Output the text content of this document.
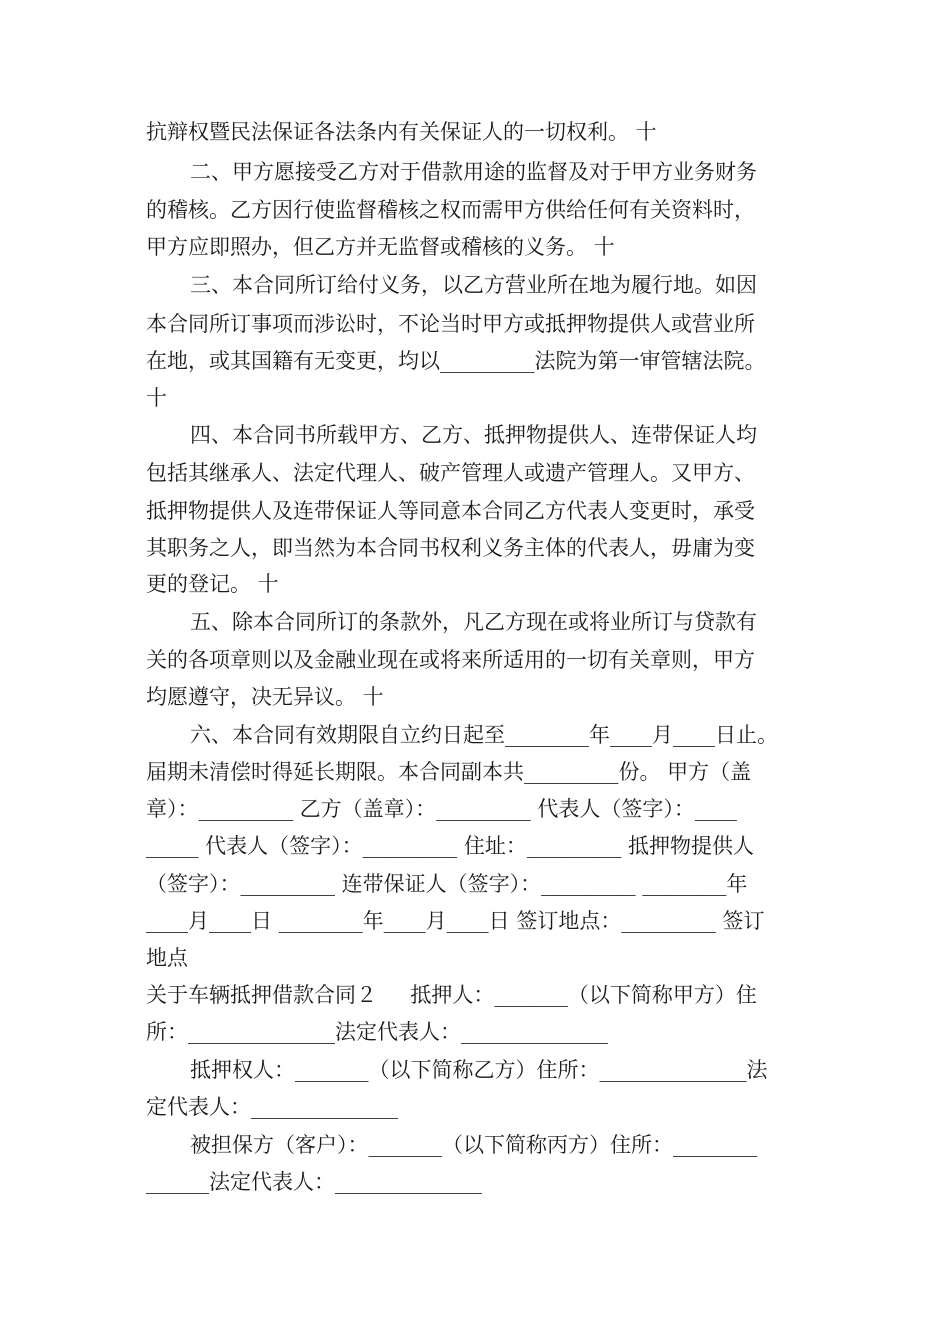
抗辩权暨民法保证各法条内有关保证人的一切权利。 十

二、甲方愿接受乙方对于借款用途的监督及对于甲方业务财务

的稽核。乙方因行使监督稽核之权而需甲方供给任何有关资料时，

甲方应即照办，但乙方并无监督或稽核的义务。 十

三、本合同所订给付义务，以乙方营业所在地为履行地。如因

本合同所订事项而涉讼时，不论当时甲方或抵押物提供人或营业所

在地，或其国籍有无变更，均以_________法院为第一审管辖法院。

十

四、本合同书所载甲方、乙方、抵押物提供人、连带保证人均

包括其继承人、法定代理人、破产管理人或遗产管理人。又甲方、

抵押物提供人及连带保证人等同意本合同乙方代表人变更时，承受

其职务之人，即当然为本合同书权利义务主体的代表人，毋庸为变

更的登记。 十

五、除本合同所订的条款外，凡乙方现在或将业所订与贷款有

关的各项章则以及金融业现在或将来所适用的一切有关章则，甲方

均愿遵守，决无异议。 十

六、本合同有效期限自立约日起至________年____月____日止。

届期未清偿时得延长期限。本合同副本共_________份。 甲方（盖

章）：_________ 乙方（盖章）：_________ 代表人（签字）：____

_____ 代表人（签字）：_________ 住址：_________ 抵押物提供人

（签字）：_________ 连带保证人（签字）：_________ ________年

____月____日 ________年____月____日 签订地点：_________ 签订

地点

关于车辆抵押借款合同２     抵押人：_______（以下简称甲方）住

所：______________法定代表人：______________

抵押权人：_______（以下简称乙方）住所：______________法

定代表人：______________

被担保方（客户）：_______（以下简称丙方）住所：________

______法定代表人：______________
